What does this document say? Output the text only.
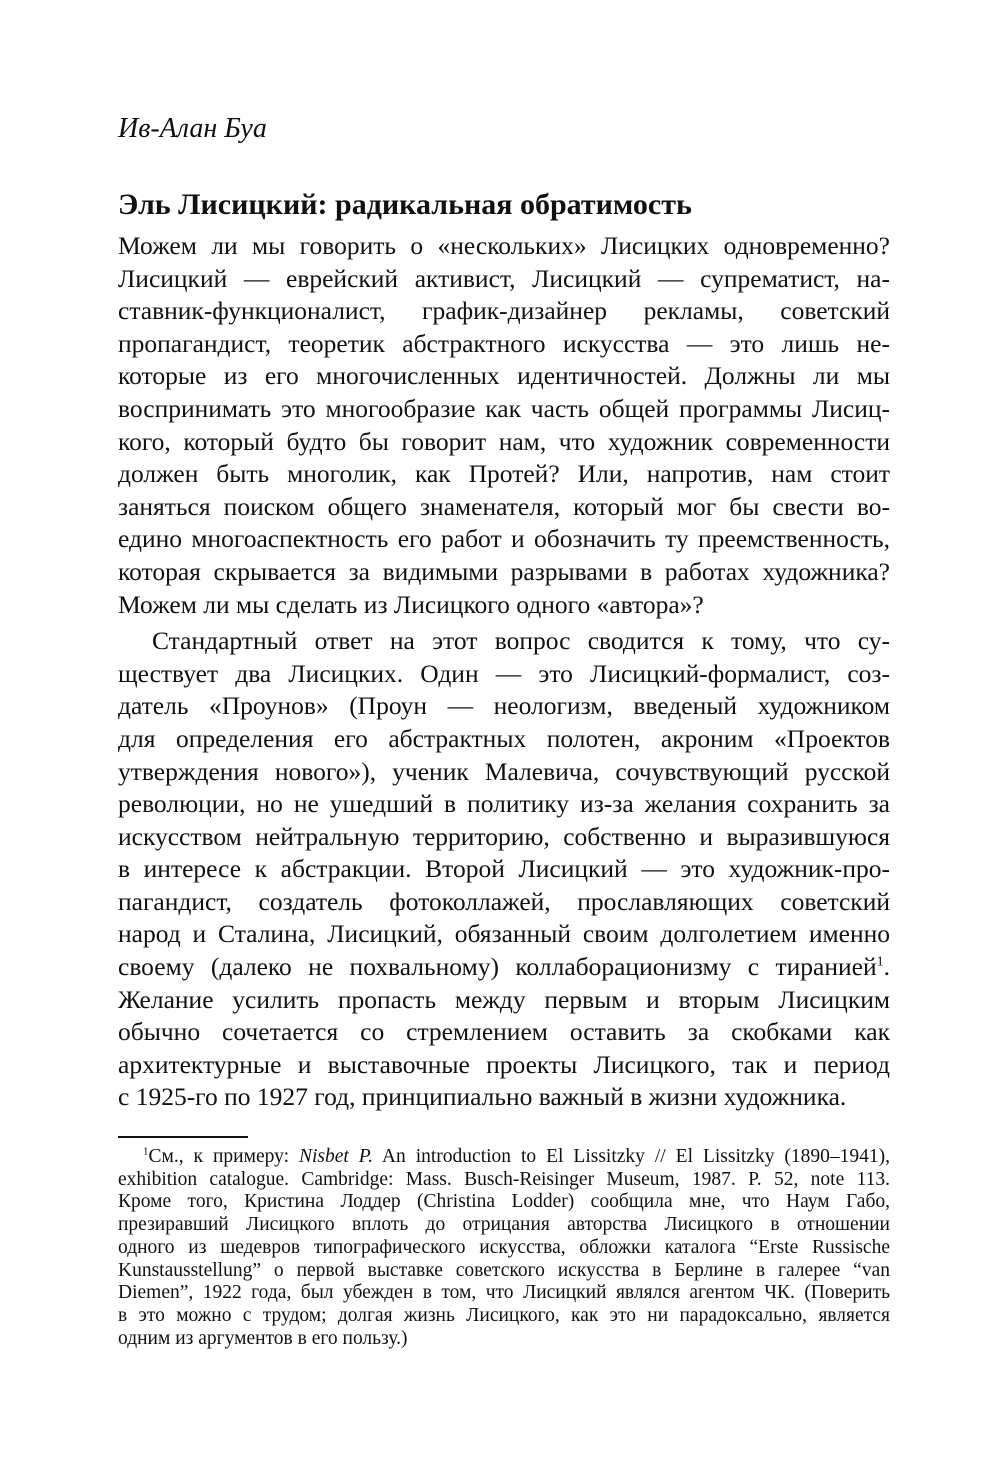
Ив-Алан Буа
Эль Лисицкий: радикальная обратимость

Можем ли мы говорить о «нескольких» Лисицких одновременно?
Лисицкий — еврейский активист, Лисицкий — супрематист, на-
ставник-функционалист, график-дизайнер рекламы, советский
пропагандист, теоретик абстрактного искусства — это лишь не-
которые из его многочисленных идентичностей. Должны ли мы
воспринимать это многообразие как часть общей программы Лисиц-
кого, который будто бы говорит нам, что художник современности
должен быть многолик, как Протей? Или, напротив, нам стоит
заняться поиском общего знаменателя, который мог бы свести во-
едино многоаспектность его работ и обозначить ту преемственность,
которая скрывается за видимыми разрывами в работах художника?
Можем ли мы сделать из Лисицкого одного «автора»?

Стандартный ответ на этот вопрос сводится к тому, что су-
ществует два Лисицких. Один — это Лисицкий-формалист, соз-
датель «Проунов» (Проун — неологизм, введеный художником
для определения его абстрактных полотен, акроним «Проектов
утверждения нового»), ученик Малевича, сочувствующий русской
революции, но не ушедший в политику из-за желания сохранить за
искусством нейтральную территорию, собственно и выразившуюся
в интересе к абстракции. Второй Лисицкий — это художник-про-
пагандист, создатель фотоколлажей, прославляющих советский
народ и Сталина, Лисицкий, обязанный своим долголетием именно
своему (далеко не похвальному) коллаборационизму с тиранией$^1$.
Желание усилить пропасть между первым и вторым Лисицким
обычно сочетается со стремлением оставить за скобками как
архитектурные и выставочные проекты Лисицкого, так и период
с 1925-го по 1927 год, принципиально важный в жизни художника.

$^1$См., к примеру: Nisbet P. An introduction to El Lissitzky // El Lissitzky (1890–1941),
exhibition catalogue. Cambridge: Mass. Busch-Reisinger Museum, 1987. P. 52, note 113.
Кроме того, Кристина Лоддер (Christina Lodder) сообщила мне, что Наум Габо,
презиравший Лисицкого вплоть до отрицания авторства Лисицкого в отношении
одного из шедевров типографического искусства, обложки каталога “Erste Russische
Kunstausstellung” о первой выставке советского искусства в Берлине в галерее “van
Diemen”, 1922 года, был убежден в том, что Лисицкий являлся агентом ЧК. (Поверить
в это можно с трудом; долгая жизнь Лисицкого, как это ни парадоксально, является
одним из аргументов в его пользу.)
